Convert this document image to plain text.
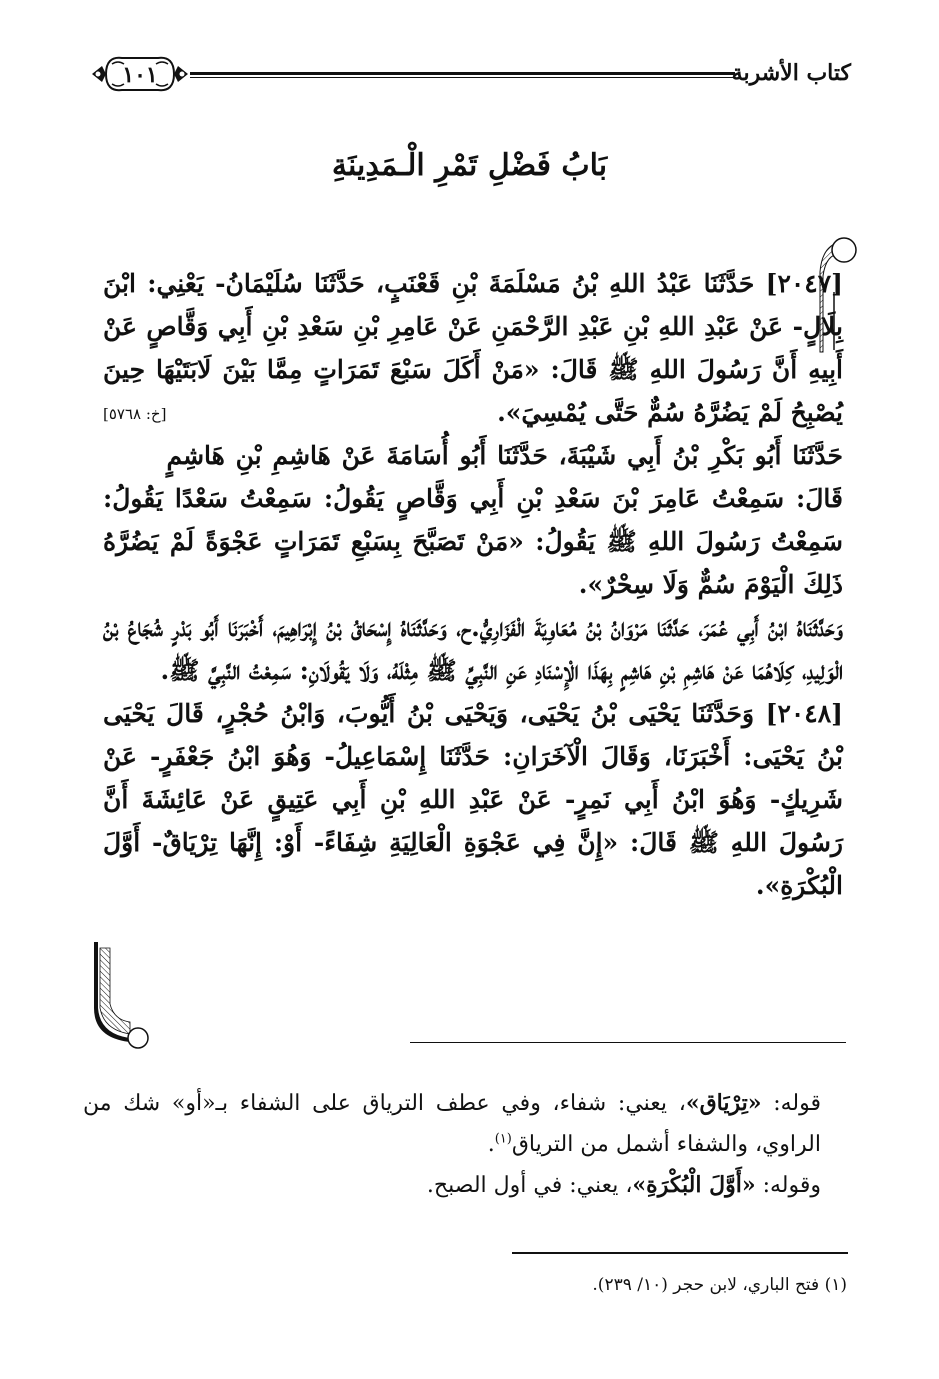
كتاب الأشربة
١٠١
بَابُ فَضْلِ تَمْرِ الْـمَدِينَةِ

[٢٠٤٧] حَدَّثَنَا عَبْدُ اللهِ بْنُ مَسْلَمَةَ بْنِ قَعْنَبٍ، حَدَّثَنَا سُلَيْمَانُ- يَعْنِي: ابْنَ بِلَالٍ- عَنْ عَبْدِ اللهِ بْنِ عَبْدِ الرَّحْمَنِ عَنْ عَامِرِ بْنِ سَعْدِ بْنِ أَبِي وَقَّاصٍ عَنْ أَبِيهِ أَنَّ رَسُولَ اللهِ ﷺ قَالَ: «مَنْ أَكَلَ سَبْعَ تَمَرَاتٍ مِمَّا بَيْنَ لَابَتَيْهَا حِينَ يُصْبِحُ لَمْ يَضُرَّهُ سُمٌّ حَتَّى يُمْسِيَ».
[خ: ٥٧٦٨]

حَدَّثَنَا أَبُو بَكْرِ بْنُ أَبِي شَيْبَةَ، حَدَّثَنَا أَبُو أُسَامَةَ عَنْ هَاشِمِ بْنِ هَاشِمٍ قَالَ: سَمِعْتُ عَامِرَ بْنَ سَعْدِ بْنِ أَبِي وَقَّاصٍ يَقُولُ: سَمِعْتُ سَعْدًا يَقُولُ: سَمِعْتُ رَسُولَ اللهِ ﷺ يَقُولُ: «مَنْ تَصَبَّحَ بِسَبْعِ تَمَرَاتٍ عَجْوَةً لَمْ يَضُرَّهُ ذَلِكَ الْيَوْمَ سُمٌّ وَلَا سِحْرٌ».

وَحَدَّثَنَاهُ ابْنُ أَبِي عُمَرَ، حَدَّثَنَا مَرْوَانُ بْنُ مُعَاوِيَةَ الْفَزَارِيُّ.ح، وَحَدَّثَنَاهُ إِسْحَاقُ بْنُ إِبْرَاهِيمَ، أَخْبَرَنَا أَبُو بَدْرٍ شُجَاعُ بْنُ الْوَلِيدِ، كِلَاهُمَا عَنْ هَاشِمِ بْنِ هَاشِمٍ بِهَذَا الْإِسْنَادِ عَنِ النَّبِيِّ ﷺ مِثْلَهُ، وَلَا يَقُولَانِ: سَمِعْتُ النَّبِيَّ ﷺ.

[٢٠٤٨] وَحَدَّثَنَا يَحْيَى بْنُ يَحْيَى، وَيَحْيَى بْنُ أَيُّوبَ، وَابْنُ حُجْرٍ، قَالَ يَحْيَى بْنُ يَحْيَى: أَخْبَرَنَا، وَقَالَ الْآخَرَانِ: حَدَّثَنَا إِسْمَاعِيلُ- وَهُوَ ابْنُ جَعْفَرٍ- عَنْ شَرِيكٍ- وَهُوَ ابْنُ أَبِي نَمِرٍ- عَنْ عَبْدِ اللهِ بْنِ أَبِي عَتِيقٍ عَنْ عَائِشَةَ أَنَّ رَسُولَ اللهِ ﷺ قَالَ: «إِنَّ فِي عَجْوَةِ الْعَالِيَةِ شِفَاءً- أَوْ: إِنَّهَا تِرْيَاقٌ- أَوَّلَ الْبُكْرَةِ».

قوله: «تِرْيَاق»، يعني: شفاء، وفي عطف الترياق على الشفاء بـ«أو» شك من الراوي، والشفاء أشمل من الترياق$^{(١)}$.

وقوله: «أَوَّلَ الْبُكْرَةِ»، يعني: في أول الصبح.

(١) فتح الباري، لابن حجر (١٠/ ٢٣٩).
